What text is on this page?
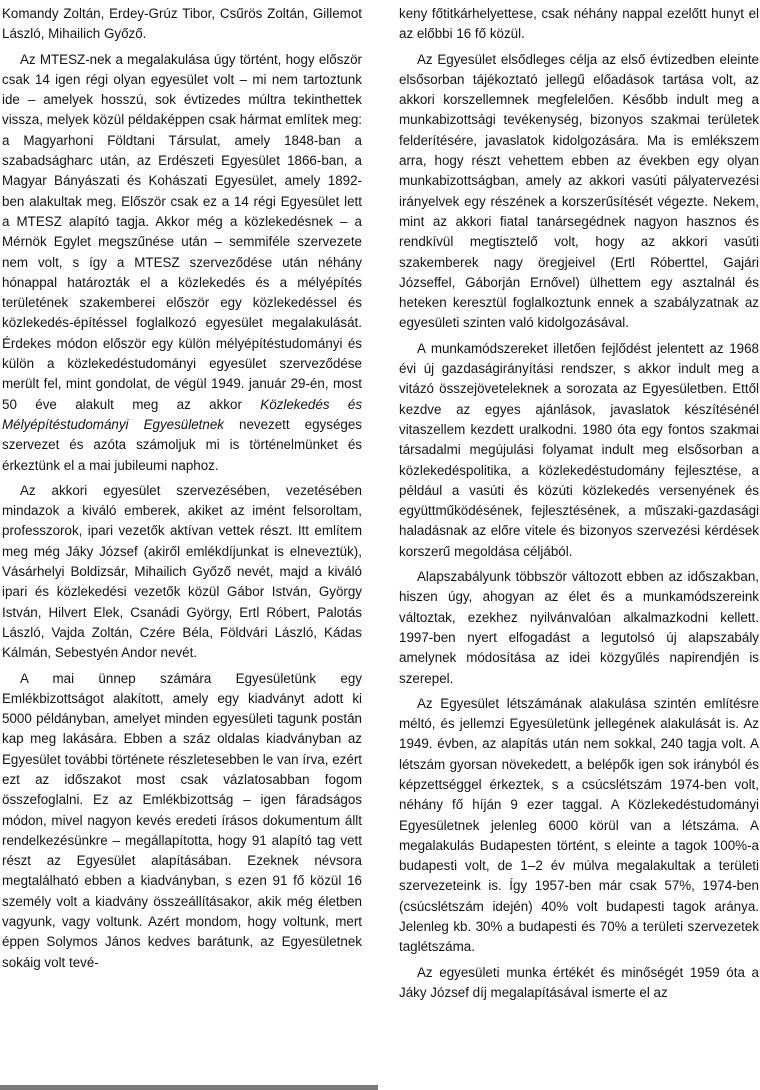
Komandy Zoltán, Erdey-Grúz Tibor, Csűrös Zoltán, Gillemot László, Mihailich Győző.

Az MTESZ-nek a megalakulása úgy történt, hogy először csak 14 igen régi olyan egyesület volt – mi nem tartoztunk ide – amelyek hosszú, sok évtizedes múltra tekinthettek vissza, melyek közül példaképpen csak hármat említek meg: a Magyarhoni Földtani Társulat, amely 1848-ban a szabadságharc után, az Erdészeti Egyesület 1866-ban, a Magyar Bányászati és Kohászati Egyesület, amely 1892-ben alakultak meg. Először csak ez a 14 régi Egyesület lett a MTESZ alapító tagja. Akkor még a közlekedésnek – a Mérnök Egylet megszűnése után – semmiféle szervezete nem volt, s így a MTESZ szerveződése után néhány hónappal határozták el a közlekedés és a mélyépítés területének szakemberei először egy közlekedéssel és közlekedés-építéssel foglalkozó egyesület megalakulását. Érdekes módon először egy külön mélyépítéstudományi és külön a közlekedéstudományi egyesület szerveződése merült fel, mint gondolat, de végül 1949. január 29-én, most 50 éve alakult meg az akkor Közlekedés és Mélyépítéstudományi Egyesületnek nevezett egységes szervezet és azóta számoljuk mi is történelmünket és érkeztünk el a mai jubileumi naphoz.

Az akkori egyesület szervezésében, vezetésében mindazok a kiváló emberek, akiket az imént felsoroltam, professzorok, ipari vezetők aktívan vettek részt. Itt említem meg még Jáky József (akiről emlékdíjunkat is elneveztük), Vásárhelyi Boldizsár, Mihailich Győző nevét, majd a kiváló ipari és közlekedési vezetők közül Gábor István, György István, Hilvert Elek, Csanádi György, Ertl Róbert, Palotás László, Vajda Zoltán, Czére Béla, Földvári László, Kádas Kálmán, Sebestyén Andor nevét.

A mai ünnep számára Egyesületünk egy Emlékbizottságot alakított, amely egy kiadványt adott ki 5000 példányban, amelyet minden egyesületi tagunk postán kap meg lakására. Ebben a száz oldalas kiadványban az Egyesület további története részletesebben le van írva, ezért ezt az időszakot most csak vázlatosabban fogom összefoglalni. Ez az Emlékbizottság – igen fáradságos módon, mivel nagyon kevés eredeti írásos dokumentum állt rendelkezésünkre – megállapította, hogy 91 alapító tag vett részt az Egyesület alapításában. Ezeknek névsora megtalálható ebben a kiadványban, s ezen 91 fő közül 16 személy volt a kiadvány összeállításakor, akik még életben vagyunk, vagy voltunk. Azért mondom, hogy voltunk, mert éppen Solymos János kedves barátunk, az Egyesületnek sokáig volt tevé-

keny főtitkárhelyettese, csak néhány nappal ezelőtt hunyt el az előbbi 16 fő közül.

Az Egyesület elsődleges célja az első évtizedben eleinte elsősorban tájékoztató jellegű előadások tartása volt, az akkori korszellemnek megfelelően. Később indult meg a munkabizottsági tevékenység, bizonyos szakmai területek felderítésére, javaslatok kidolgozására. Ma is emlékszem arra, hogy részt vehettem ebben az években egy olyan munkabizottságban, amely az akkori vasúti pályatervezési irányelvek egy részének a korszerűsítését végezte. Nekem, mint az akkori fiatal tanársegédnek nagyon hasznos és rendkívül megtisztelő volt, hogy az akkori vasúti szakemberek nagy öregjeivel (Ertl Róberttel, Gajári Józseffel, Gáborján Ernővel) ülhettem egy asztalnál és heteken keresztül foglalkoztunk ennek a szabályzatnak az egyesületi szinten való kidolgozásával.

A munkamódszereket illetően fejlődést jelentett az 1968 évi új gazdaságirányítási rendszer, s akkor indult meg a vitázó összejöveteleknek a sorozata az Egyesületben. Ettől kezdve az egyes ajánlások, javaslatok készítésénél vitaszellem kezdett uralkodni. 1980 óta egy fontos szakmai társadalmi megújulási folyamat indult meg elsősorban a közlekedéspolitika, a közlekedéstudomány fejlesztése, a például a vasúti és közúti közlekedés versenyének és együttműködésének, fejlesztésének, a műszaki-gazdasági haladásnak az előre vitele és bizonyos szervezési kérdések korszerű megoldása céljából.

Alapszabályunk többször változott ebben az időszakban, hiszen úgy, ahogyan az élet és a munkamódszereink változtak, ezekhez nyilvánvalóan alkalmazkodni kellett. 1997-ben nyert elfogadást a legutolsó új alapszabály amelynek módosítása az idei közgyűlés napirendjén is szerepel.

Az Egyesület létszámának alakulása szintén említésre méltó, és jellemzi Egyesületünk jellegének alakulását is. Az 1949. évben, az alapítás után nem sokkal, 240 tagja volt. A létszám gyorsan növekedett, a belépők igen sok irányból és képzettséggel érkeztek, s a csúcslétszám 1974-ben volt, néhány fő híján 9 ezer taggal. A Közlekedéstudományi Egyesületnek jelenleg 6000 körül van a létszáma. A megalakulás Budapesten történt, s eleinte a tagok 100%-a budapesti volt, de 1–2 év múlva megalakultak a területi szervezeteink is. Így 1957-ben már csak 57%, 1974-ben (csúcslétszám idején) 40% volt budapesti tagok aránya. Jelenleg kb. 30% a budapesti és 70% a területi szervezetek taglétszáma.

Az egyesületi munka értékét és minőségét 1959 óta a Jáky József díj megalapításával ismerte el az
